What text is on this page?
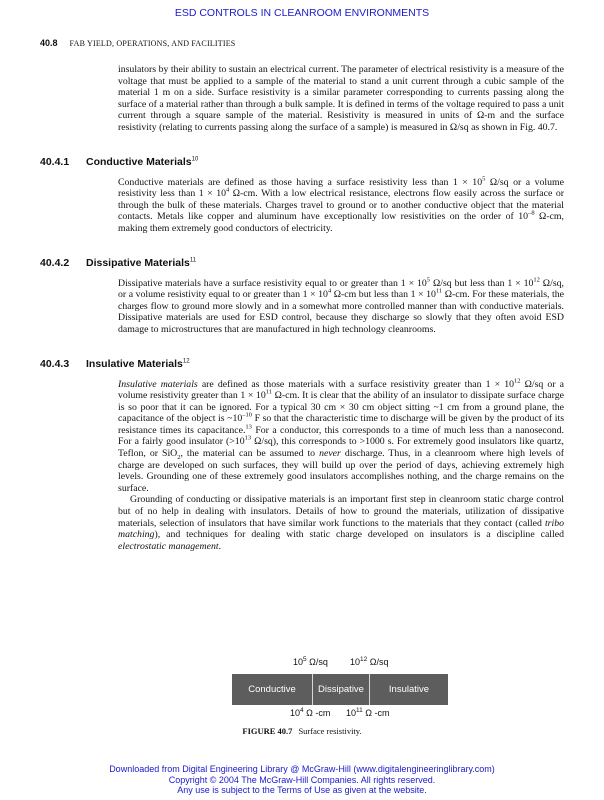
ESD CONTROLS IN CLEANROOM ENVIRONMENTS
40.8 FAB YIELD, OPERATIONS, AND FACILITIES

insulators by their ability to sustain an electrical current. The parameter of electrical resistivity is a measure of the voltage that must be applied to a sample of the material to stand a unit current through a cubic sample of the material 1 m on a side. Surface resistivity is a similar parameter corresponding to currents passing along the surface of a material rather than through a bulk sample. It is defined in terms of the voltage required to pass a unit current through a square sample of the material. Resistivity is measured in units of Ω-m and the surface resistivity (relating to currents passing along the surface of a sample) is measured in Ω/sq as shown in Fig. 40.7.

40.4.1 Conductive Materials$^{10}$

Conductive materials are defined as those having a surface resistivity less than $1 \times 10^5$ Ω/sq or a volume resistivity less than $1 \times 10^4$ Ω-cm. With a low electrical resistance, electrons flow easily across the surface or through the bulk of these materials. Charges travel to ground or to another conductive object that the material contacts. Metals like copper and aluminum have exceptionally low resistivities on the order of $10^{-8}$ Ω-cm, making them extremely good conductors of electricity.

40.4.2 Dissipative Materials$^{11}$

Dissipative materials have a surface resistivity equal to or greater than $1 \times 10^5$ Ω/sq but less than $1 \times 10^{12}$ Ω/sq, or a volume resistivity equal to or greater than $1 \times 10^4$ Ω-cm but less than $1 \times 10^{11}$ Ω-cm. For these materials, the charges flow to ground more slowly and in a somewhat more controlled manner than with conductive materials. Dissipative materials are used for ESD control, because they discharge so slowly that they often avoid ESD damage to microstructures that are manufactured in high technology cleanrooms.

40.4.3 Insulative Materials$^{12}$

Insulative materials are defined as those materials with a surface resistivity greater than $1 \times 10^{12}$ Ω/sq or a volume resistivity greater than $1 \times 10^{11}$ Ω-cm. It is clear that the ability of an insulator to dissipate surface charge is so poor that it can be ignored. For a typical 30 cm × 30 cm object sitting ~1 cm from a ground plane, the capacitance of the object is $\sim 10^{-10}$ F so that the characteristic time to discharge will be given by the product of its resistance times its capacitance.$^{13}$ For a conductor, this corresponds to a time of much less than a nanosecond. For a fairly good insulator ($>10^{13}$ Ω/sq), this corresponds to >1000 s. For extremely good insulators like quartz, Teflon, or SiO$_2$, the material can be assumed to never discharge. Thus, in a cleanroom where high levels of charge are developed on such surfaces, they will build up over the period of days, achieving extremely high levels. Grounding one of these extremely good insulators accomplishes nothing, and the charge remains on the surface.

Grounding of conducting or dissipative materials is an important first step in cleanroom static charge control but of no help in dealing with insulators. Details of how to ground the materials, utilization of dissipative materials, selection of insulators that have similar work functions to the materials that they contact (called tribo matching), and techniques for dealing with static charge developed on insulators is a discipline called electrostatic management.

$10^5$ Ω/sq $10^{12}$ Ω/sq
Conductive	Dissipative	Insulative
$10^4$ Ω -cm $10^{11}$ Ω -cm
FIGURE 40.7 Surface resistivity.
Downloaded from Digital Engineering Library @ McGraw-Hill (www.digitalengineeringlibrary.com)
Copyright © 2004 The McGraw-Hill Companies. All rights reserved.
Any use is subject to the Terms of Use as given at the website.
